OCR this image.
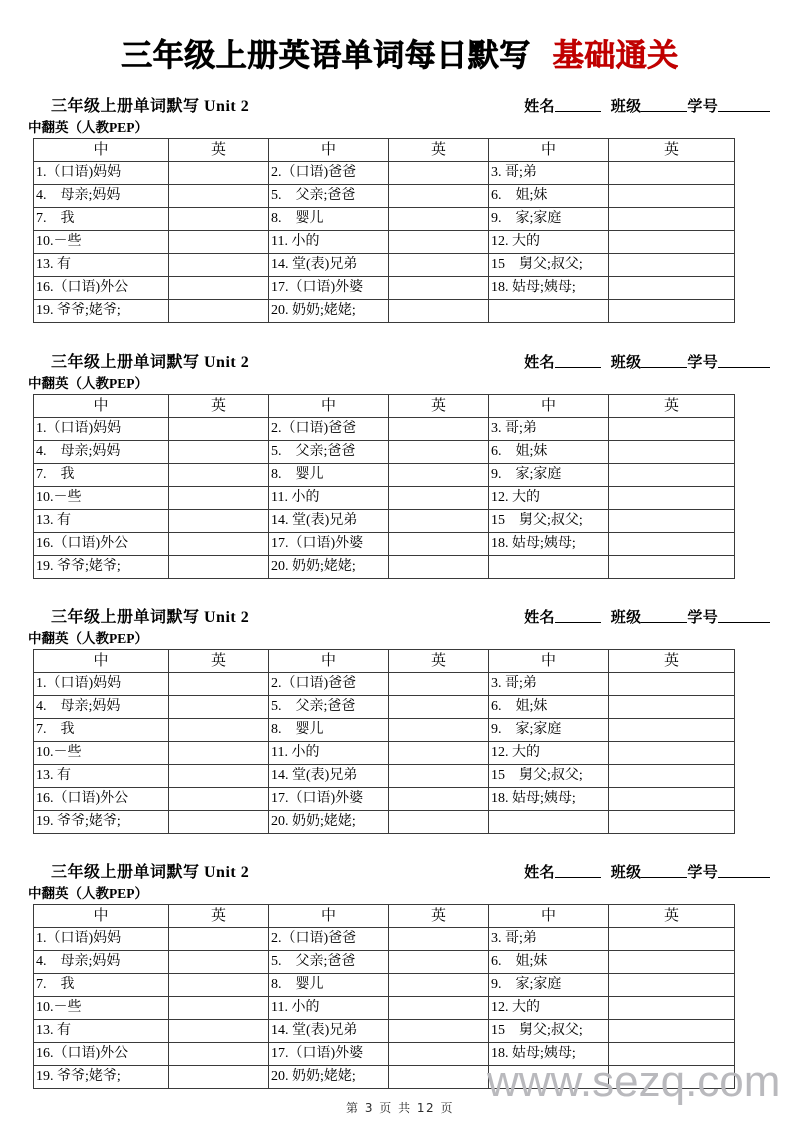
三年级上册英语单词每日默写 基础通关
三年级上册单词默写 Unit 2	姓名	班级	学号
中翻英（人教PEP）
中	英	中	英	中	英
1.（口语)妈妈		2.（口语)爸爸		3. 哥;弟	
4.　母亲;妈妈		5.　父亲;爸爸		6.　姐;妹	
7.　我		8.　婴儿		9.　家;家庭	
10.－些		11. 小的		12. 大的	
13. 有		14. 堂(表)兄弟		15　舅父;叔父;	
16.（口语)外公		17.（口语)外婆		18. 姑母;姨母;	
19. 爷爷;姥爷;		20. 奶奶;姥姥;			
三年级上册单词默写 Unit 2	姓名	班级	学号
中翻英（人教PEP）
中	英	中	英	中	英
1.（口语)妈妈		2.（口语)爸爸		3. 哥;弟	
4.　母亲;妈妈		5.　父亲;爸爸		6.　姐;妹	
7.　我		8.　婴儿		9.　家;家庭	
10.－些		11. 小的		12. 大的	
13. 有		14. 堂(表)兄弟		15　舅父;叔父;	
16.（口语)外公		17.（口语)外婆		18. 姑母;姨母;	
19. 爷爷;姥爷;		20. 奶奶;姥姥;			
三年级上册单词默写 Unit 2	姓名	班级	学号
中翻英（人教PEP）
中	英	中	英	中	英
1.（口语)妈妈		2.（口语)爸爸		3. 哥;弟	
4.　母亲;妈妈		5.　父亲;爸爸		6.　姐;妹	
7.　我		8.　婴儿		9.　家;家庭	
10.－些		11. 小的		12. 大的	
13. 有		14. 堂(表)兄弟		15　舅父;叔父;	
16.（口语)外公		17.（口语)外婆		18. 姑母;姨母;	
19. 爷爷;姥爷;		20. 奶奶;姥姥;			
三年级上册单词默写 Unit 2	姓名	班级	学号
中翻英（人教PEP）
中	英	中	英	中	英
1.（口语)妈妈		2.（口语)爸爸		3. 哥;弟	
4.　母亲;妈妈		5.　父亲;爸爸		6.　姐;妹	
7.　我		8.　婴儿		9.　家;家庭	
10.－些		11. 小的		12. 大的	
13. 有		14. 堂(表)兄弟		15　舅父;叔父;	
16.（口语)外公		17.（口语)外婆		18. 姑母;姨母;	
19. 爷爷;姥爷;		20. 奶奶;姥姥;				www.sezq.com
第 3 页 共 12 页
